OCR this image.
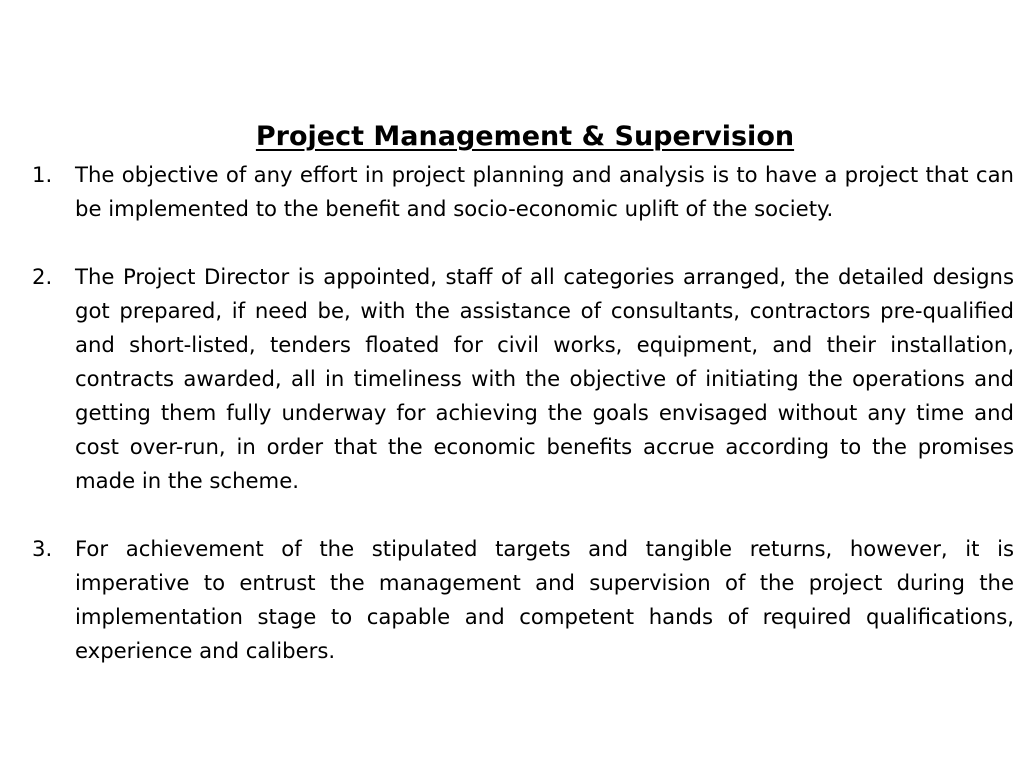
Project Management & Supervision
1. The objective of any effort in project planning and analysis is to have a project that can be implemented to the benefit and socio-economic uplift of the society.
2. The Project Director is appointed, staff of all categories arranged, the detailed designs got prepared, if need be, with the assistance of consultants, contractors pre-qualified and short-listed, tenders floated for civil works, equipment, and their installation, contracts awarded, all in timeliness with the objective of initiating the operations and getting them fully underway for achieving the goals envisaged without any time and cost over-run, in order that the economic benefits accrue according to the promises made in the scheme.
3. For achievement of the stipulated targets and tangible returns, however, it is imperative to entrust the management and supervision of the project during the implementation stage to capable and competent hands of required qualifications, experience and calibers.
